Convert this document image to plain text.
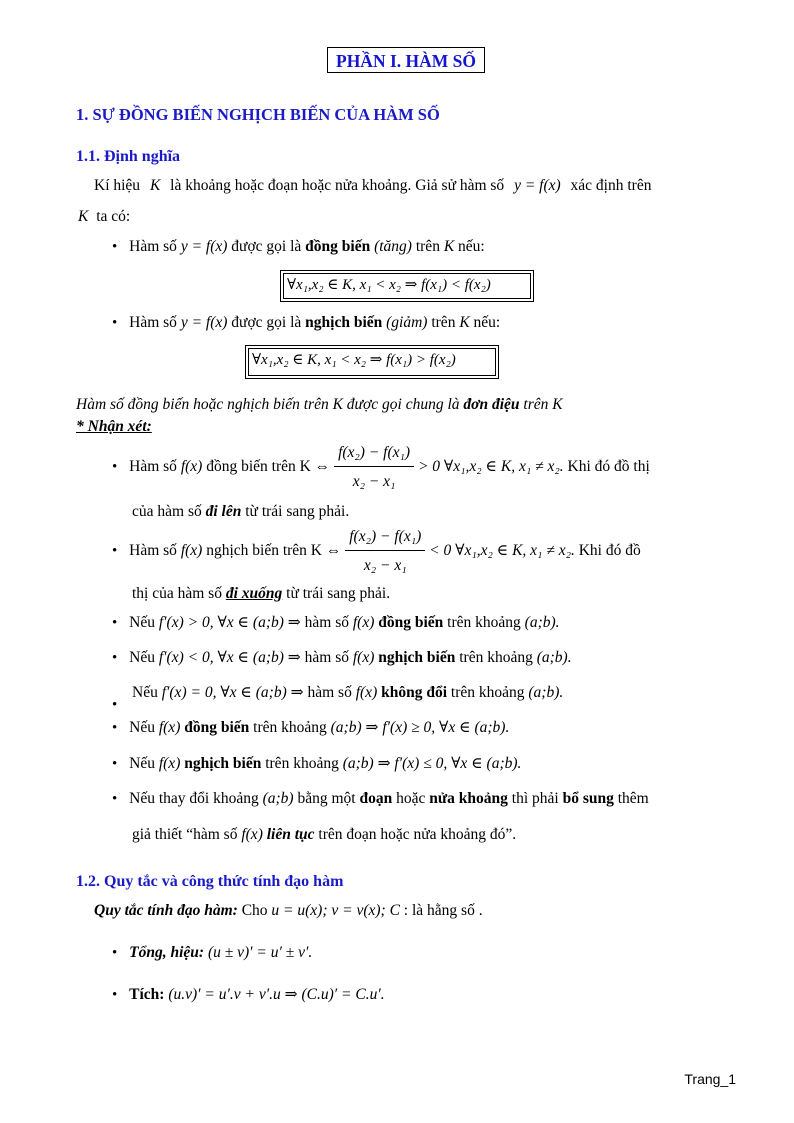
PHẦN I. HÀM SỐ
1. SỰ ĐỒNG BIẾN NGHỊCH BIẾN CỦA HÀM SỐ
1.1. Định nghĩa
Kí hiệu K là khoảng hoặc đoạn hoặc nửa khoảng. Giả sử hàm số y = f(x) xác định trên
K ta có:
• Hàm số y = f(x) được gọi là đồng biến (tăng) trên K nếu:
∀x₁,x₂ ∈ K, x₁ < x₂ ⇒ f(x₁) < f(x₂)
• Hàm số y = f(x) được gọi là nghịch biến (giảm) trên K nếu:
∀x₁,x₂ ∈ K, x₁ < x₂ ⇒ f(x₁) > f(x₂)
Hàm số đồng biến hoặc nghịch biến trên K được gọi chung là đơn điệu trên K
* Nhận xét:
• Hàm số f(x) đồng biến trên K ⇔ $\frac{\text{f(x₂) − f(x₁)}}{\text{x₂ − x₁}} > 0$ ∀x₁,x₂ ∈ K, x₁ ≠ x₂. Khi đó đồ thị
của hàm số đi lên từ trái sang phải.
• Hàm số f(x) nghịch biến trên K ⇔ $\frac{\text{f(x₂) − f(x₁)}}{\text{x₂ − x₁}} < 0$ ∀x₁,x₂ ∈ K, x₁ ≠ x₂. Khi đó đồ
thị của hàm số đi xuống từ trái sang phải.
• Nếu f′(x) > 0, ∀x ∈ (a;b) ⇒ hàm số f(x) đồng biến trên khoảng (a;b).
• Nếu f′(x) < 0, ∀x ∈ (a;b) ⇒ hàm số f(x) nghịch biến trên khoảng (a;b).
•
Nếu f′(x) = 0, ∀x ∈ (a;b) ⇒ hàm số f(x) không đổi trên khoảng (a;b).
• Nếu f(x) đồng biến trên khoảng (a;b) ⇒ f′(x) ≥ 0, ∀x ∈ (a;b).
• Nếu f(x) nghịch biến trên khoảng (a;b) ⇒ f′(x) ≤ 0, ∀x ∈ (a;b).
• Nếu thay đổi khoảng (a;b) bằng một đoạn hoặc nửa khoảng thì phải bổ sung thêm
giả thiết “hàm số f(x) liên tục trên đoạn hoặc nửa khoảng đó”.
1.2. Quy tắc và công thức tính đạo hàm
Quy tắc tính đạo hàm: Cho u = u(x); v = v(x); C : là hằng số .
• Tổng, hiệu: (u ± v)′ = u′ ± v′.
• Tích: (u.v)′ = u′.v + v′.u ⇒ (C.u)′ = C.u′.
Trang_1
